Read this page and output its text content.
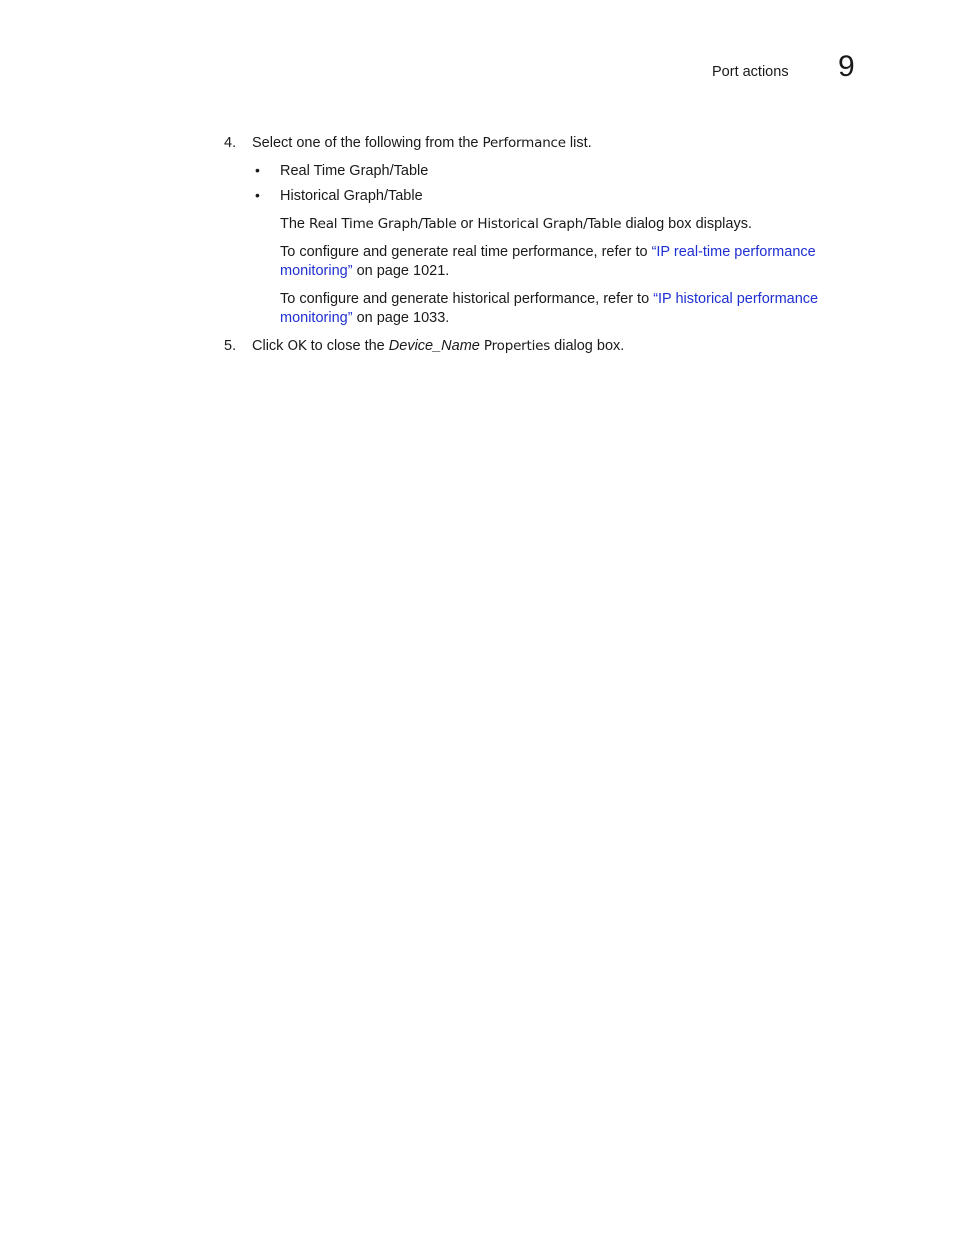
Port actions 9
4. Select one of the following from the Performance list.
• Real Time Graph/Table
• Historical Graph/Table
The Real Time Graph/Table or Historical Graph/Table dialog box displays.
To configure and generate real time performance, refer to “IP real-time performance
monitoring” on page 1021.
To configure and generate historical performance, refer to “IP historical performance
monitoring” on page 1033.
5. Click OK to close the Device_Name Properties dialog box.
